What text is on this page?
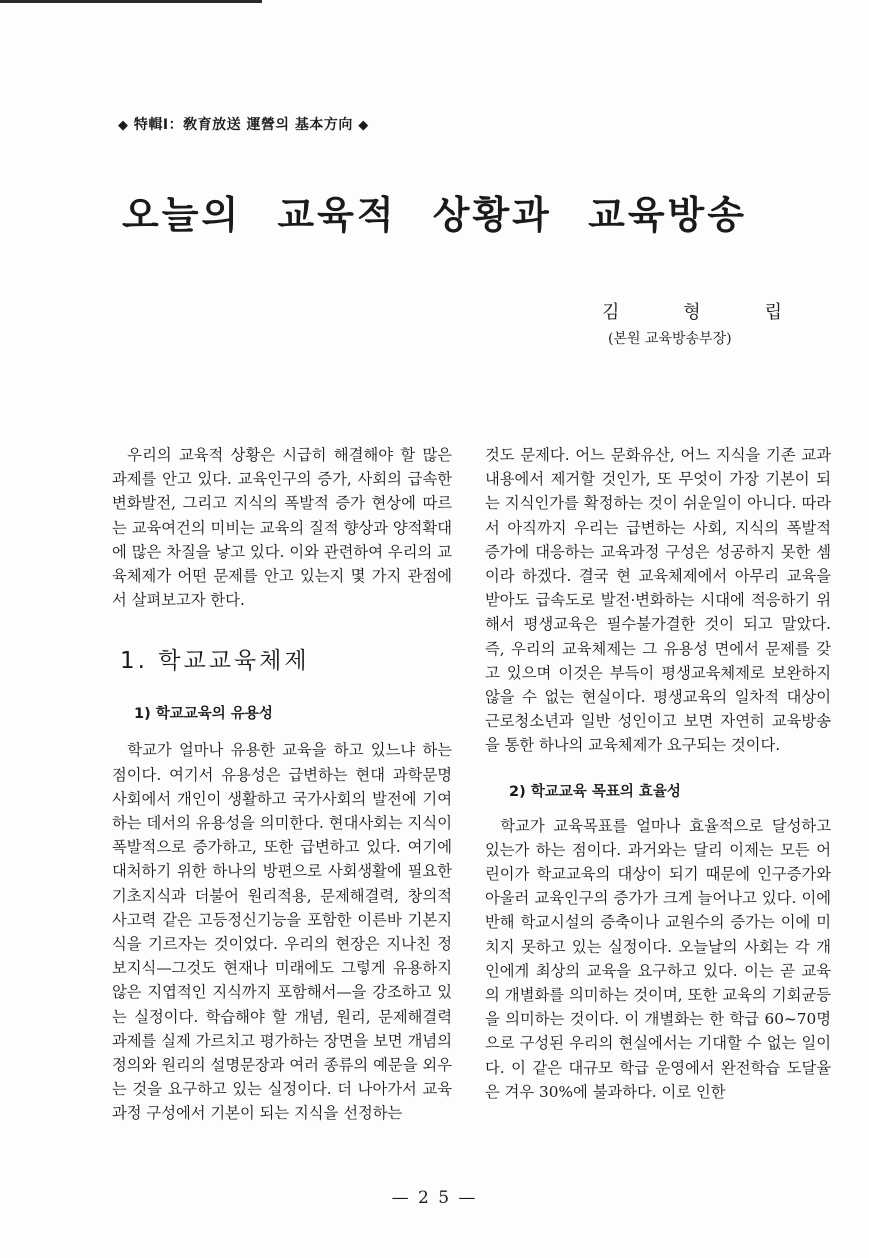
◆ 特輯Ⅰ：敎育放送 運營의 基本方向 ◆
오늘의 교육적 상황과 교육방송
김	형	립
(본원 교육방송부장)

우리의 교육적 상황은 시급히 해결해야 할 많은 과제를 안고 있다. 교육인구의 증가, 사회의 급속한 변화발전, 그리고 지식의 폭발적 증가 현상에 따르는 교육여건의 미비는 교육의 질적 향상과 양적확대에 많은 차질을 낳고 있다. 이와 관련하여 우리의 교육체제가 어떤 문제를 안고 있는지 몇 가지 관점에서 살펴보고자 한다.

1. 학교교육체제
1) 학교교육의 유용성

학교가 얼마나 유용한 교육을 하고 있느냐 하는 점이다. 여기서 유용성은 급변하는 현대 과학문명 사회에서 개인이 생활하고 국가사회의 발전에 기여하는 데서의 유용성을 의미한다. 현대사회는 지식이 폭발적으로 증가하고, 또한 급변하고 있다. 여기에 대처하기 위한 하나의 방편으로 사회생활에 필요한 기초지식과 더불어 원리적용, 문제해결력, 창의적 사고력 같은 고등정신기능을 포함한 이른바 기본지식을 기르자는 것이었다. 우리의 현장은 지나친 정보지식—그것도 현재나 미래에도 그렇게 유용하지 않은 지엽적인 지식까지 포함해서—을 강조하고 있는 실정이다. 학습해야 할 개념, 원리, 문제해결력 과제를 실제 가르치고 평가하는 장면을 보면 개념의 정의와 원리의 설명문장과 여러 종류의 예문을 외우는 것을 요구하고 있는 실정이다. 더 나아가서 교육과정 구성에서 기본이 되는 지식을 선정하는

것도 문제다. 어느 문화유산, 어느 지식을 기존 교과내용에서 제거할 것인가, 또 무엇이 가장 기본이 되는 지식인가를 확정하는 것이 쉬운일이 아니다. 따라서 아직까지 우리는 급변하는 사회, 지식의 폭발적 증가에 대응하는 교육과정 구성은 성공하지 못한 셈이라 하겠다. 결국 현 교육체제에서 아무리 교육을 받아도 급속도로 발전·변화하는 시대에 적응하기 위해서 평생교육은 필수불가결한 것이 되고 말았다. 즉, 우리의 교육체제는 그 유용성 면에서 문제를 갖고 있으며 이것은 부득이 평생교육체제로 보완하지 않을 수 없는 현실이다. 평생교육의 일차적 대상이 근로청소년과 일반 성인이고 보면 자연히 교육방송을 통한 하나의 교육체제가 요구되는 것이다.

2) 학교교육 목표의 효율성

학교가 교육목표를 얼마나 효율적으로 달성하고 있는가 하는 점이다. 과거와는 달리 이제는 모든 어린이가 학교교육의 대상이 되기 때문에 인구증가와 아울러 교육인구의 증가가 크게 늘어나고 있다. 이에 반해 학교시설의 증축이나 교원수의 증가는 이에 미치지 못하고 있는 실정이다. 오늘날의 사회는 각 개인에게 최상의 교육을 요구하고 있다. 이는 곧 교육의 개별화를 의미하는 것이며, 또한 교육의 기회균등을 의미하는 것이다. 이 개별화는 한 학급 60~70명으로 구성된 우리의 현실에서는 기대할 수 없는 일이다. 이 같은 대규모 학급 운영에서 완전학습 도달율은 겨우 30%에 불과하다. 이로 인한

— 2 5 —
